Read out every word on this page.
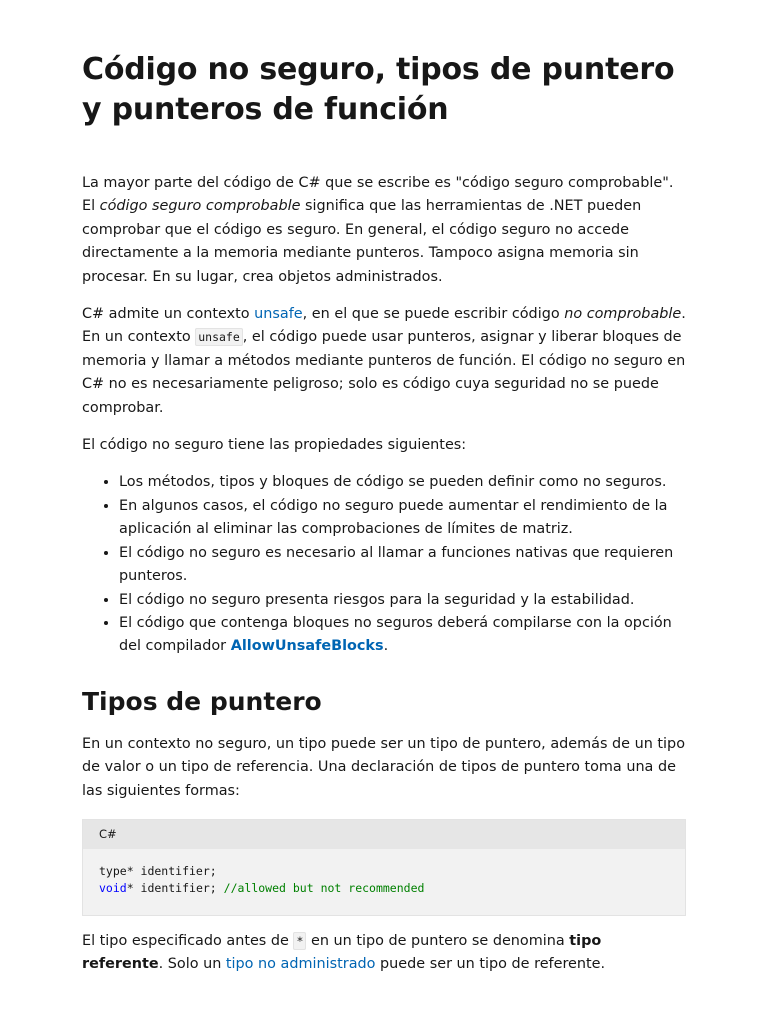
Código no seguro, tipos de puntero y punteros de función

La mayor parte del código de C# que se escribe es "código seguro comprobable". El código seguro comprobable significa que las herramientas de .NET pueden comprobar que el código es seguro. En general, el código seguro no accede directamente a la memoria mediante punteros. Tampoco asigna memoria sin procesar. En su lugar, crea objetos administrados.

C# admite un contexto unsafe, en el que se puede escribir código no comprobable. En un contexto unsafe , el código puede usar punteros, asignar y liberar bloques de memoria y llamar a métodos mediante punteros de función. El código no seguro en C# no es necesariamente peligroso; solo es código cuya seguridad no se puede comprobar.

El código no seguro tiene las propiedades siguientes:

• Los métodos, tipos y bloques de código se pueden definir como no seguros.
• En algunos casos, el código no seguro puede aumentar el rendimiento de la aplicación al eliminar las comprobaciones de límites de matriz.
• El código no seguro es necesario al llamar a funciones nativas que requieren punteros.
• El código no seguro presenta riesgos para la seguridad y la estabilidad.
• El código que contenga bloques no seguros deberá compilarse con la opción del compilador AllowUnsafeBlocks.
Tipos de puntero

En un contexto no seguro, un tipo puede ser un tipo de puntero, además de un tipo de valor o un tipo de referencia. Una declaración de tipos de puntero toma una de las siguientes formas:

C#
type* identifier;
void* identifier; //allowed but not recommended

El tipo especificado antes de * en un tipo de puntero se denomina tipo referente. Solo un tipo no administrado puede ser un tipo de referente.
